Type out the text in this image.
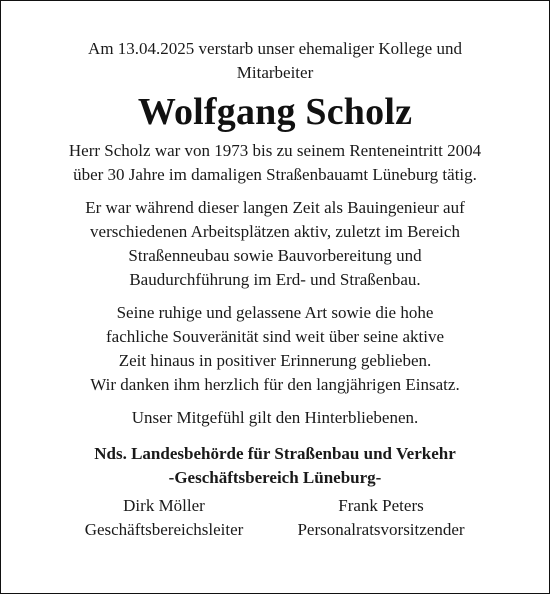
Am 13.04.2025 verstarb unser ehemaliger Kollege und
Mitarbeiter
Wolfgang Scholz
Herr Scholz war von 1973 bis zu seinem Renteneintritt 2004
über 30 Jahre im damaligen Straßenbauamt Lüneburg tätig.
Er war während dieser langen Zeit als Bauingenieur auf
verschiedenen Arbeitsplätzen aktiv, zuletzt im Bereich
Straßenneubau sowie Bauvorbereitung und
Baudurchführung im Erd- und Straßenbau.
Seine ruhige und gelassene Art sowie die hohe
fachliche Souveränität sind weit über seine aktive
Zeit hinaus in positiver Erinnerung geblieben.
Wir danken ihm herzlich für den langjährigen Einsatz.
Unser Mitgefühl gilt den Hinterbliebenen.
Nds. Landesbehörde für Straßenbau und Verkehr
-Geschäftsbereich Lüneburg-
Dirk Möller
Geschäftsbereichsleiter
Frank Peters
Personalratsvorsitzender
